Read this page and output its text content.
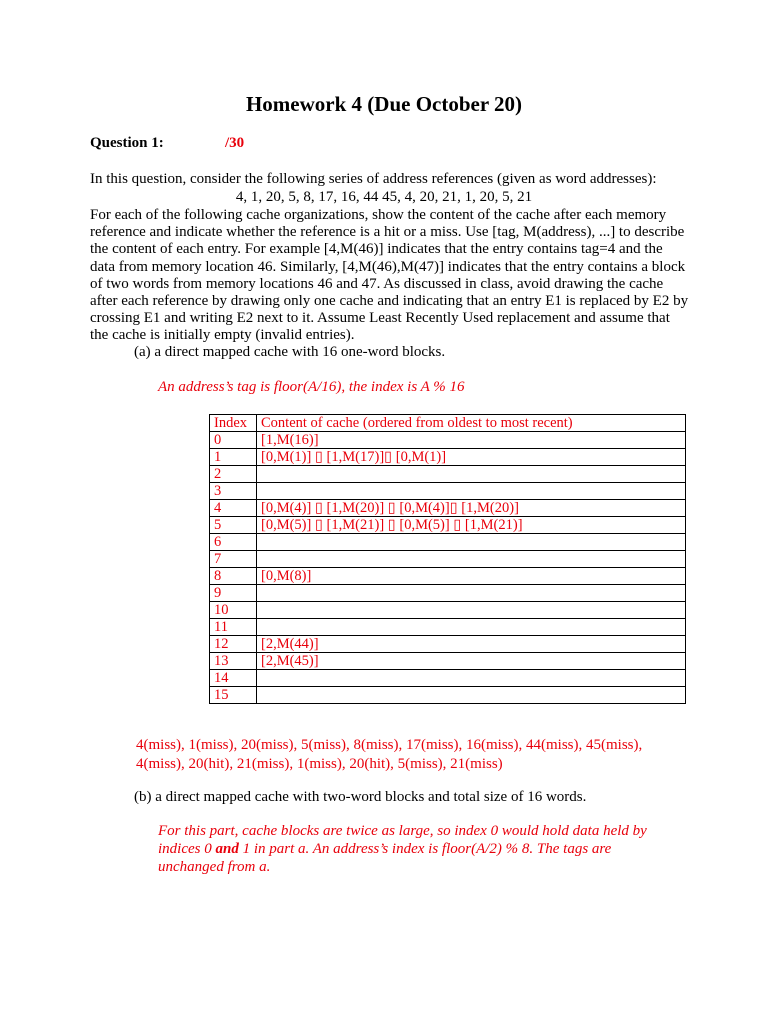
Homework 4 (Due October 20)
Question 1:	/30
In this question, consider the following series of address references (given as word addresses):
4, 1, 20, 5, 8, 17, 16, 44 45, 4, 20, 21, 1, 20, 5, 21
For each of the following cache organizations, show the content of the cache after each memory reference and indicate whether the reference is a hit or a miss. Use [tag, M(address), ...] to describe the content of each entry. For example [4,M(46)] indicates that the entry contains tag=4 and the data from memory location 46. Similarly, [4,M(46),M(47)] indicates that the entry contains a block of two words from memory locations 46 and 47. As discussed in class, avoid drawing the cache after each reference by drawing only one cache and indicating that an entry E1 is replaced by E2 by crossing E1 and writing E2 next to it. Assume Least Recently Used replacement and assume that the cache is initially empty (invalid entries).
(a) a direct mapped cache with 16 one-word blocks.
An address’s tag is floor(A/16), the index is A % 16
Index	Content of cache (ordered from oldest to most recent)
0	[1,M(16)]
1	[0,M(1)] ▯ [1,M(17)]▯ [0,M(1)]
2	
3	
4	[0,M(4)] ▯ [1,M(20)] ▯ [0,M(4)]▯ [1,M(20)]
5	[0,M(5)] ▯ [1,M(21)] ▯ [0,M(5)] ▯ [1,M(21)]
6	
7	
8	[0,M(8)]
9	
10	
11	
12	[2,M(44)]
13	[2,M(45)]
14	
15	
4(miss), 1(miss), 20(miss), 5(miss), 8(miss), 17(miss), 16(miss), 44(miss), 45(miss),
4(miss), 20(hit), 21(miss), 1(miss), 20(hit), 5(miss), 21(miss)
(b) a direct mapped cache with two-word blocks and total size of 16 words.
For this part, cache blocks are twice as large, so index 0 would hold data held by indices 0 and 1 in part a. An address’s index is floor(A/2) % 8. The tags are unchanged from a.
